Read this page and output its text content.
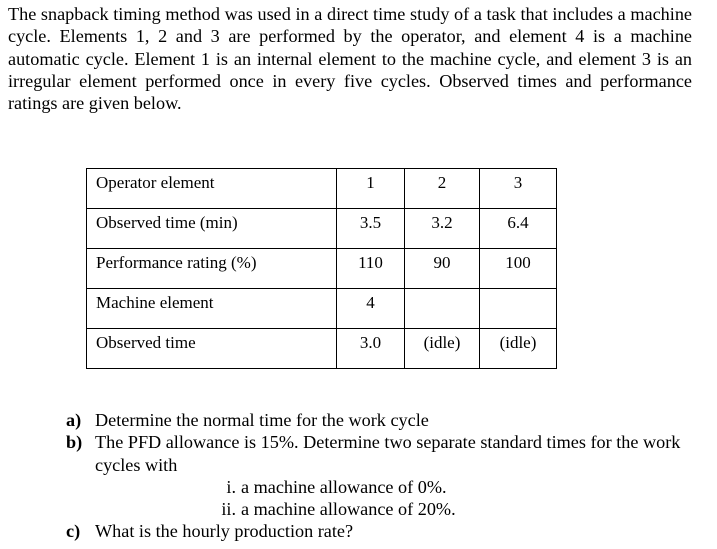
The snapback timing method was used in a direct time study of a task that includes a machine cycle. Elements 1, 2 and 3 are performed by the operator, and element 4 is a machine automatic cycle. Element 1 is an internal element to the machine cycle, and element 3 is an irregular element performed once in every five cycles. Observed times and performance ratings are given below.

Operator element	1	2	3
Observed time (min)	3.5	3.2	6.4
Performance rating (%)	110	90	100
Machine element	4		
Observed time	3.0	(idle)	(idle)
a) Determine the normal time for the work cycle
b) The PFD allowance is 15%. Determine two separate standard times for the work cycles with
i. a machine allowance of 0%.
ii. a machine allowance of 20%.
c) What is the hourly production rate?
